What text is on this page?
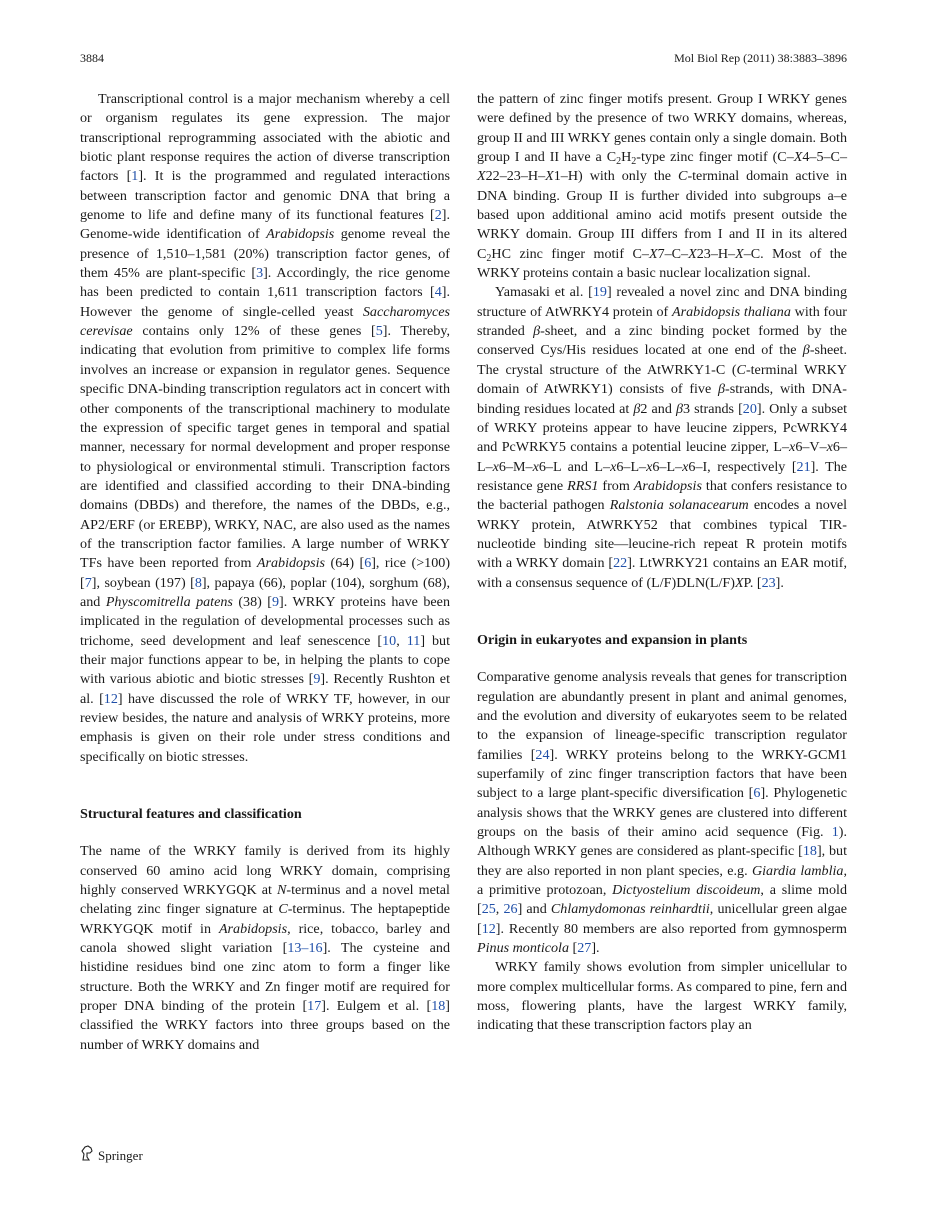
3884	Mol Biol Rep (2011) 38:3883–3896

Transcriptional control is a major mechanism whereby a cell or organism regulates its gene expression. The major transcriptional reprogramming associated with the abiotic and biotic plant response requires the action of diverse transcription factors [1]. It is the programmed and regulated interactions between transcription factor and genomic DNA that bring a genome to life and define many of its functional features [2]. Genome-wide identification of Arabidopsis genome reveal the presence of 1,510–1,581 (20%) transcription factor genes, of them 45% are plant-specific [3]. Accordingly, the rice genome has been predicted to contain 1,611 transcription factors [4]. However the genome of single-celled yeast Saccharomyces cerevisae contains only 12% of these genes [5]. Thereby, indicating that evolution from primitive to complex life forms involves an increase or expansion in regulator genes. Sequence specific DNA-binding transcription regulators act in concert with other components of the transcriptional machinery to modulate the expression of specific target genes in temporal and spatial manner, necessary for normal development and proper response to physiological or environmental stimuli. Transcription factors are identified and classified according to their DNA-binding domains (DBDs) and therefore, the names of the DBDs, e.g., AP2/ERF (or EREBP), WRKY, NAC, are also used as the names of the transcription factor families. A large number of WRKY TFs have been reported from Arabidopsis (64) [6], rice (>100) [7], soybean (197) [8], papaya (66), poplar (104), sorghum (68), and Physcomitrella patens (38) [9]. WRKY proteins have been implicated in the regulation of developmental processes such as trichome, seed development and leaf senescence [10, 11] but their major functions appear to be, in helping the plants to cope with various abiotic and biotic stresses [9]. Recently Rushton et al. [12] have discussed the role of WRKY TF, however, in our review besides, the nature and analysis of WRKY proteins, more emphasis is given on their role under stress conditions and specifically on biotic stresses.

Structural features and classification

The name of the WRKY family is derived from its highly conserved 60 amino acid long WRKY domain, comprising highly conserved WRKYGQK at N-terminus and a novel metal chelating zinc finger signature at C-terminus. The heptapeptide WRKYGQK motif in Arabidopsis, rice, tobacco, barley and canola showed slight variation [13–16]. The cysteine and histidine residues bind one zinc atom to form a finger like structure. Both the WRKY and Zn finger motif are required for proper DNA binding of the protein [17]. Eulgem et al. [18] classified the WRKY factors into three groups based on the number of WRKY domains and

the pattern of zinc finger motifs present. Group I WRKY genes were defined by the presence of two WRKY domains, whereas, group II and III WRKY genes contain only a single domain. Both group I and II have a $C_2H_2$-type zinc finger motif (C–X4–5–C–X22–23–H–X1–H) with only the C-terminal domain active in DNA binding. Group II is further divided into subgroups a–e based upon additional amino acid motifs present outside the WRKY domain. Group III differs from I and II in its altered $C_2HC$ zinc finger motif C–X7–C–X23–H–X–C. Most of the WRKY proteins contain a basic nuclear localization signal.

Yamasaki et al. [19] revealed a novel zinc and DNA binding structure of AtWRKY4 protein of Arabidopsis thaliana with four stranded β-sheet, and a zinc binding pocket formed by the conserved Cys/His residues located at one end of the β-sheet. The crystal structure of the AtWRKY1-C (C-terminal WRKY domain of AtWRKY1) consists of five β-strands, with DNA-binding residues located at β2 and β3 strands [20]. Only a subset of WRKY proteins appear to have leucine zippers, PcWRKY4 and PcWRKY5 contains a potential leucine zipper, L–x6–V–x6–L–x6–M–x6–L and L–x6–L–x6–L–x6–I, respectively [21]. The resistance gene RRS1 from Arabidopsis that confers resistance to the bacterial pathogen Ralstonia solanacearum encodes a novel WRKY protein, AtWRKY52 that combines typical TIR-nucleotide binding site—leucine-rich repeat R protein motifs with a WRKY domain [22]. LtWRKY21 contains an EAR motif, with a consensus sequence of (L/F)DLN(L/F)XP. [23].

Origin in eukaryotes and expansion in plants

Comparative genome analysis reveals that genes for transcription regulation are abundantly present in plant and animal genomes, and the evolution and diversity of eukaryotes seem to be related to the expansion of lineage-specific transcription regulator families [24]. WRKY proteins belong to the WRKY-GCM1 superfamily of zinc finger transcription factors that have been subject to a large plant-specific diversification [6]. Phylogenetic analysis shows that the WRKY genes are clustered into different groups on the basis of their amino acid sequence (Fig. 1). Although WRKY genes are considered as plant-specific [18], but they are also reported in non plant species, e.g. Giardia lamblia, a primitive protozoan, Dictyostelium discoideum, a slime mold [25, 26] and Chlamydomonas reinhardtii, unicellular green algae [12]. Recently 80 members are also reported from gymnosperm Pinus monticola [27].

WRKY family shows evolution from simpler unicellular to more complex multicellular forms. As compared to pine, fern and moss, flowering plants, have the largest WRKY family, indicating that these transcription factors play an

Springer
